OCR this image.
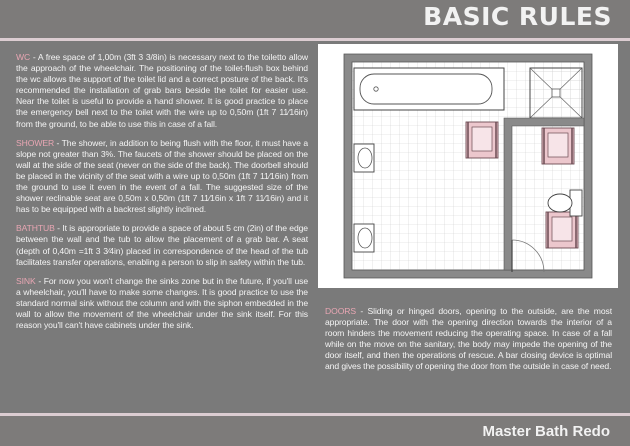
BASIC RULES

WC - A free space of 1,00m (3ft 3 3/8in) is necessary next to the toiletto allow the approach of the wheelchair. The positioning of the toilet-flush box behind the wc allows the support of the toilet lid and a correct posture of the back. It's recommended the installation of grab bars beside the toilet for easier use. Near the toilet is useful to provide a hand shower. It is good practice to place the emergency bell next to the toilet with the wire up to 0,50m (1ft 7 11⁄16in) from the ground, to be able to use this in case of a fall.

SHOWER - The shower, in addition to being flush with the floor, it must have a slope not greater than 3%. The faucets of the shower should be placed on the wall at the side of the seat (never on the side of the back). The doorbell should be placed in the vicinity of the seat with a wire up to 0,50m (1ft 7 11⁄16in) from the ground to use it even in the event of a fall. The suggested size of the shower reclinable seat are 0,50m x 0,50m (1ft 7 11⁄16in x 1ft 7 11⁄16in) and it has to be equipped with a backrest slightly inclined.

BATHTUB - It is appropriate to provide a space of about 5 cm (2in) of the edge between the wall and the tub to allow the placement of a grab bar. A seat (depth of 0,40m =1ft 3 3⁄4in) placed in correspondence of the head of the tub facilitates transfer operations, enabling a person to slip in safety within the tub.

SINK - For now you won't change the sinks zone but in the future, if you'll use a wheelchair, you'll have to make some changes. It is good practice to use the standard normal sink without the column and with the siphon embedded in the wall to allow the movement of the wheelchair under the sink itself. For this reason you'll can't have cabinets under the sink.

DOORS - Sliding or hinged doors, opening to the outside, are the most appropriate. The door with the opening direction towards the interior of a room hinders the movement reducing the operating space. In case of a fall while on the move on the sanitary, the body may impede the opening of the door itself, and then the operations of rescue. A bar closing device is optimal and gives the possibility of opening the door from the outside in case of need.

Master Bath Redo
